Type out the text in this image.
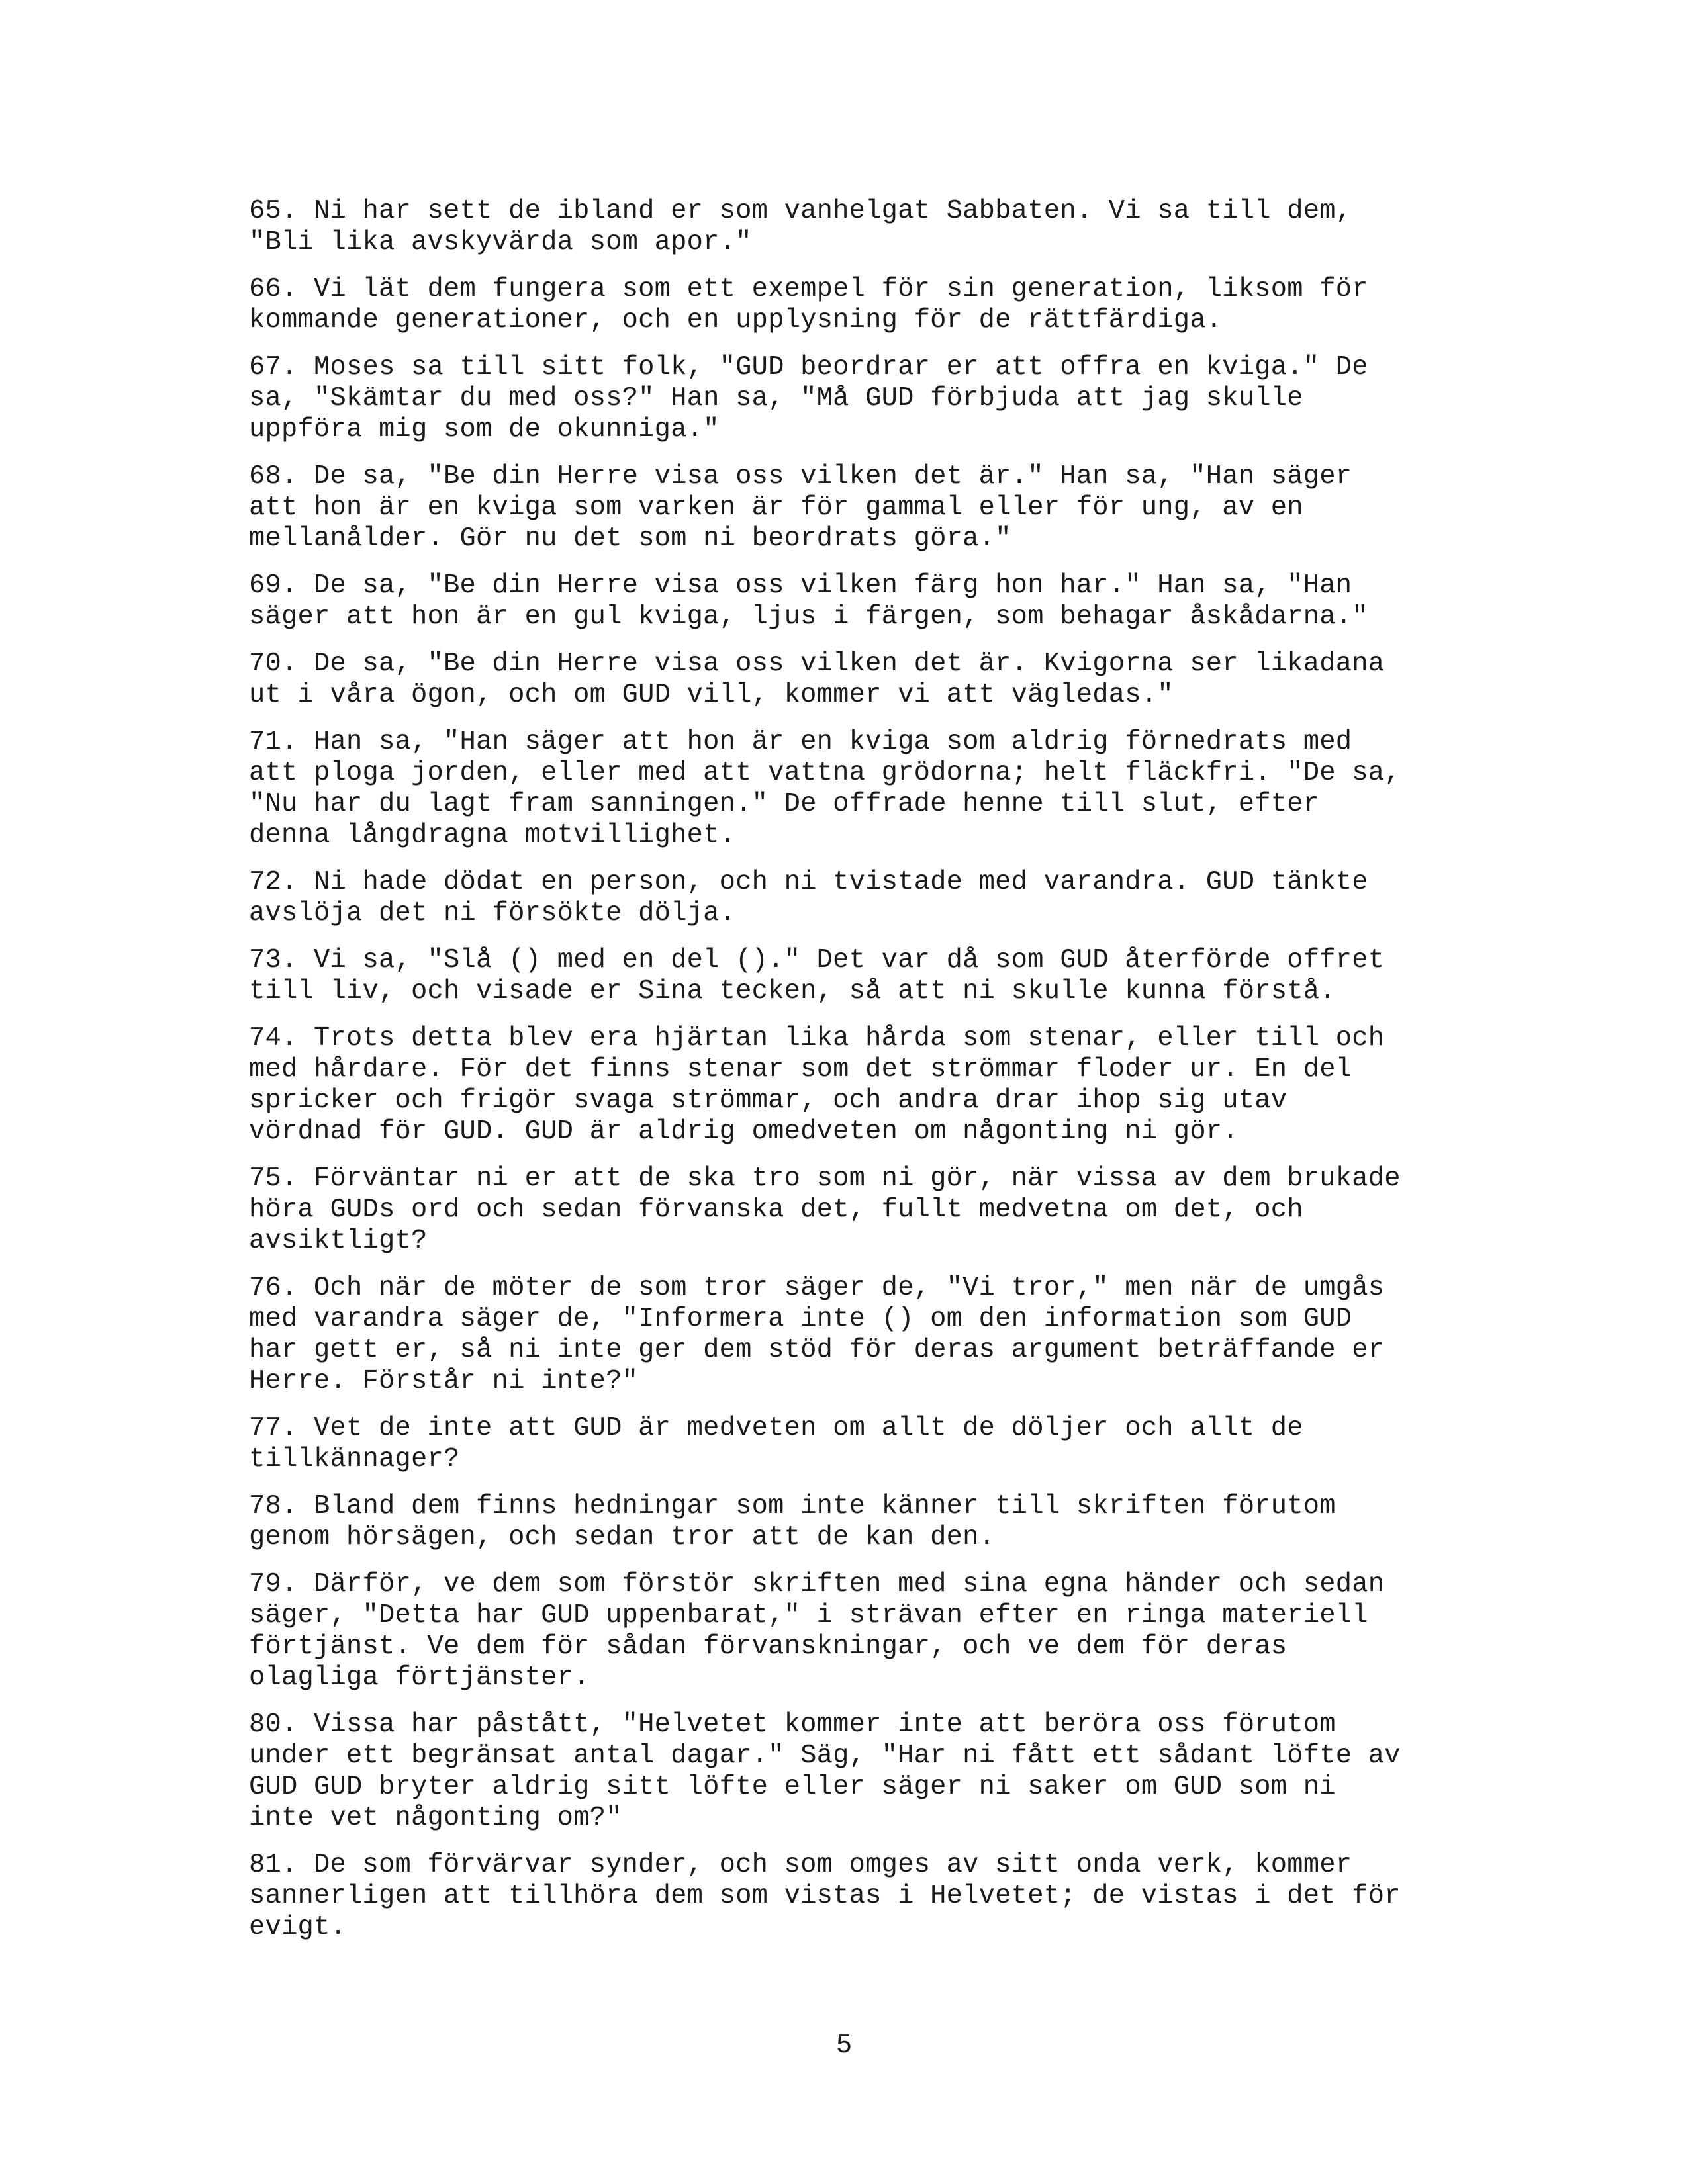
65. Ni har sett de ibland er som vanhelgat Sabbaten. Vi sa till dem,
"Bli lika avskyvärda som apor."

66. Vi lät dem fungera som ett exempel för sin generation, liksom för
kommande generationer, och en upplysning för de rättfärdiga.

67. Moses sa till sitt folk, "GUD beordrar er att offra en kviga." De
sa, "Skämtar du med oss?" Han sa, "Må GUD förbjuda att jag skulle
uppföra mig som de okunniga."

68. De sa, "Be din Herre visa oss vilken det är." Han sa, "Han säger
att hon är en kviga som varken är för gammal eller för ung, av en
mellanålder. Gör nu det som ni beordrats göra."

69. De sa, "Be din Herre visa oss vilken färg hon har." Han sa, "Han
säger att hon är en gul kviga, ljus i färgen, som behagar åskådarna."

70. De sa, "Be din Herre visa oss vilken det är. Kvigorna ser likadana
ut i våra ögon, och om GUD vill, kommer vi att vägledas."

71. Han sa, "Han säger att hon är en kviga som aldrig förnedrats med
att ploga jorden, eller med att vattna grödorna; helt fläckfri. "De sa,
"Nu har du lagt fram sanningen." De offrade henne till slut, efter
denna långdragna motvillighet.

72. Ni hade dödat en person, och ni tvistade med varandra. GUD tänkte
avslöja det ni försökte dölja.

73. Vi sa, "Slå () med en del ()." Det var då som GUD återförde offret
till liv, och visade er Sina tecken, så att ni skulle kunna förstå.

74. Trots detta blev era hjärtan lika hårda som stenar, eller till och
med hårdare. För det finns stenar som det strömmar floder ur. En del
spricker och frigör svaga strömmar, och andra drar ihop sig utav
vördnad för GUD. GUD är aldrig omedveten om någonting ni gör.

75. Förväntar ni er att de ska tro som ni gör, när vissa av dem brukade
höra GUDs ord och sedan förvanska det, fullt medvetna om det, och
avsiktligt?

76. Och när de möter de som tror säger de, "Vi tror," men när de umgås
med varandra säger de, "Informera inte () om den information som GUD
har gett er, så ni inte ger dem stöd för deras argument beträffande er
Herre. Förstår ni inte?"

77. Vet de inte att GUD är medveten om allt de döljer och allt de
tillkännager?

78. Bland dem finns hedningar som inte känner till skriften förutom
genom hörsägen, och sedan tror att de kan den.

79. Därför, ve dem som förstör skriften med sina egna händer och sedan
säger, "Detta har GUD uppenbarat," i strävan efter en ringa materiell
förtjänst. Ve dem för sådan förvanskningar, och ve dem för deras
olagliga förtjänster.

80. Vissa har påstått, "Helvetet kommer inte att beröra oss förutom
under ett begränsat antal dagar." Säg, "Har ni fått ett sådant löfte av
GUD GUD bryter aldrig sitt löfte eller säger ni saker om GUD som ni
inte vet någonting om?"

81. De som förvärvar synder, och som omges av sitt onda verk, kommer
sannerligen att tillhöra dem som vistas i Helvetet; de vistas i det för
evigt.

5
